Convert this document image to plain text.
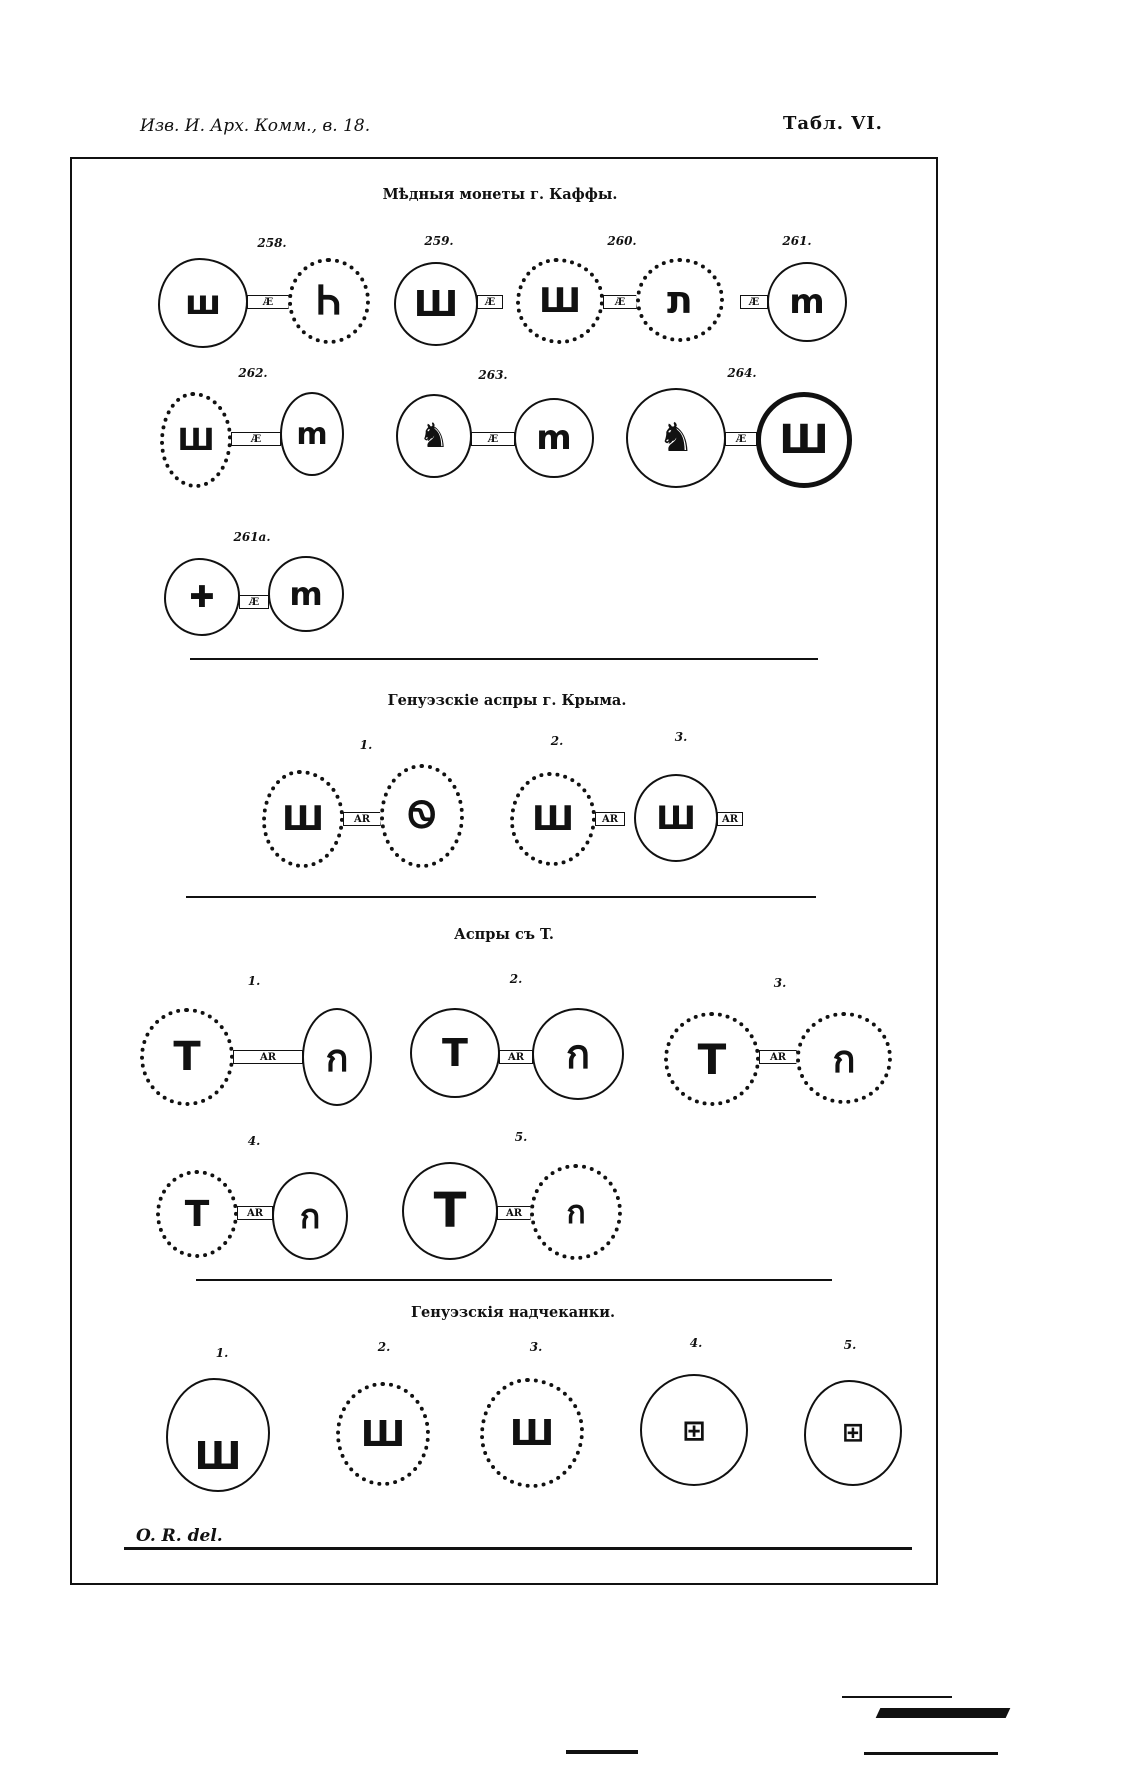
Изв. И. Арх. Комм., в. 18.	Табл. VI.
Мѣдныя монеты г. Каффы.
258.	259.	260.	261.
ꟺ	Æ	Ꮒ	Ш	Æ	Ш	Æ	ת	Æ m
262.	263.	264.
Ш	Æ	m	♞	Æ	m	♞	Æ Ш
261a.
✚	Æ m
Генуэзскіе аспры г. Крыма.
1.	2.	3.
Ш	AR	Ꮻ	Ш	AR	Ш	AR
Аспры съ T.
1.	2.	3.
T	AR	ก	T	AR	ก	T	AR	ก
4.	5.
T	AR	ก	T	AR	ก
Генуэзскія надчеканки.
1.	2.	3.	4.	5.
Ш	Ш	Ш	⊞	⊞
O. R. del.
